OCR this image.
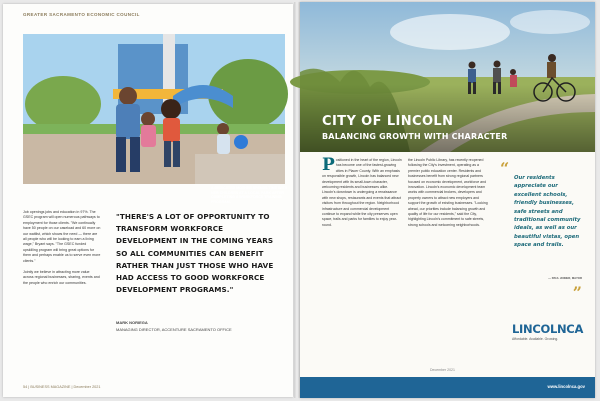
GREATER SACRAMENTO ECONOMIC COUNCIL
A DEDICATED MOTHER SPENDS TIME WITH HER CHILDREN AT A LOCAL PARK AFTER COMPLETING A WORKFORCE TRAINING PROGRAM.

Job openings jobs and education in 97%. The GSEC program will open numerous pathways to employment for those clients. "We continually have 50 people on our caseload and 60 more on our waitlist, which shows the need — there are all people who will be looking to earn a living wage," Bryant says. "The GSEC funded upskilling program will bring great options for them and perhaps enable us to serve even more clients."

Jointly we believe in attracting more value across regional businesses, sharing, events and the people who enrich our communities.

"THERE'S A LOT OF OPPORTUNITY TO TRANSFORM WORKFORCE DEVELOPMENT IN THE COMING YEARS SO ALL COMMUNITIES CAN BENEFIT RATHER THAN JUST THOSE WHO HAVE HAD ACCESS TO GOOD WORKFORCE DEVELOPMENT PROGRAMS."
MARK NORIEGA
MANAGING DIRECTOR, ACCENTURE SACRAMENTO OFFICE
54 | BUSINESS MAGAZINE | December 2021
CITY OF LINCOLN
BALANCING GROWTH WITH CHARACTER
P ositioned in the heart of the region, Lincoln has become one of the fastest-growing cities in Placer County. With an emphasis on responsible growth, Lincoln has balanced new development with its small-town character, welcoming residents and businesses alike. Lincoln's downtown is undergoing a renaissance with new shops, restaurants and events that attract visitors from throughout the region. Neighborhood infrastructure and commercial development continue to expand while the city preserves open space, trails and parks for families to enjoy year-round.
the Lincoln Public Library, has recently reopened following the City's investment, operating as a premier public education center. Residents and businesses benefit from strong regional partners focused on economic development, workforce and innovation. Lincoln's economic development team works with commercial brokers, developers and property owners to attract new employers and support the growth of existing businesses. "Looking ahead, our priorities include balancing growth and quality of life for our residents," said the City, highlighting Lincoln's commitment to safe streets, strong schools and welcoming neighborhoods.
“ Our residents appreciate our excellent schools, friendly businesses, safe streets and traditional community ideals, as well as our beautiful vistas, open space and trails.
— PAUL JOINER, MAYOR
”
LINCOLNCA
Affordable. Available. Growing.
December 2021
www.lincolnca.gov
